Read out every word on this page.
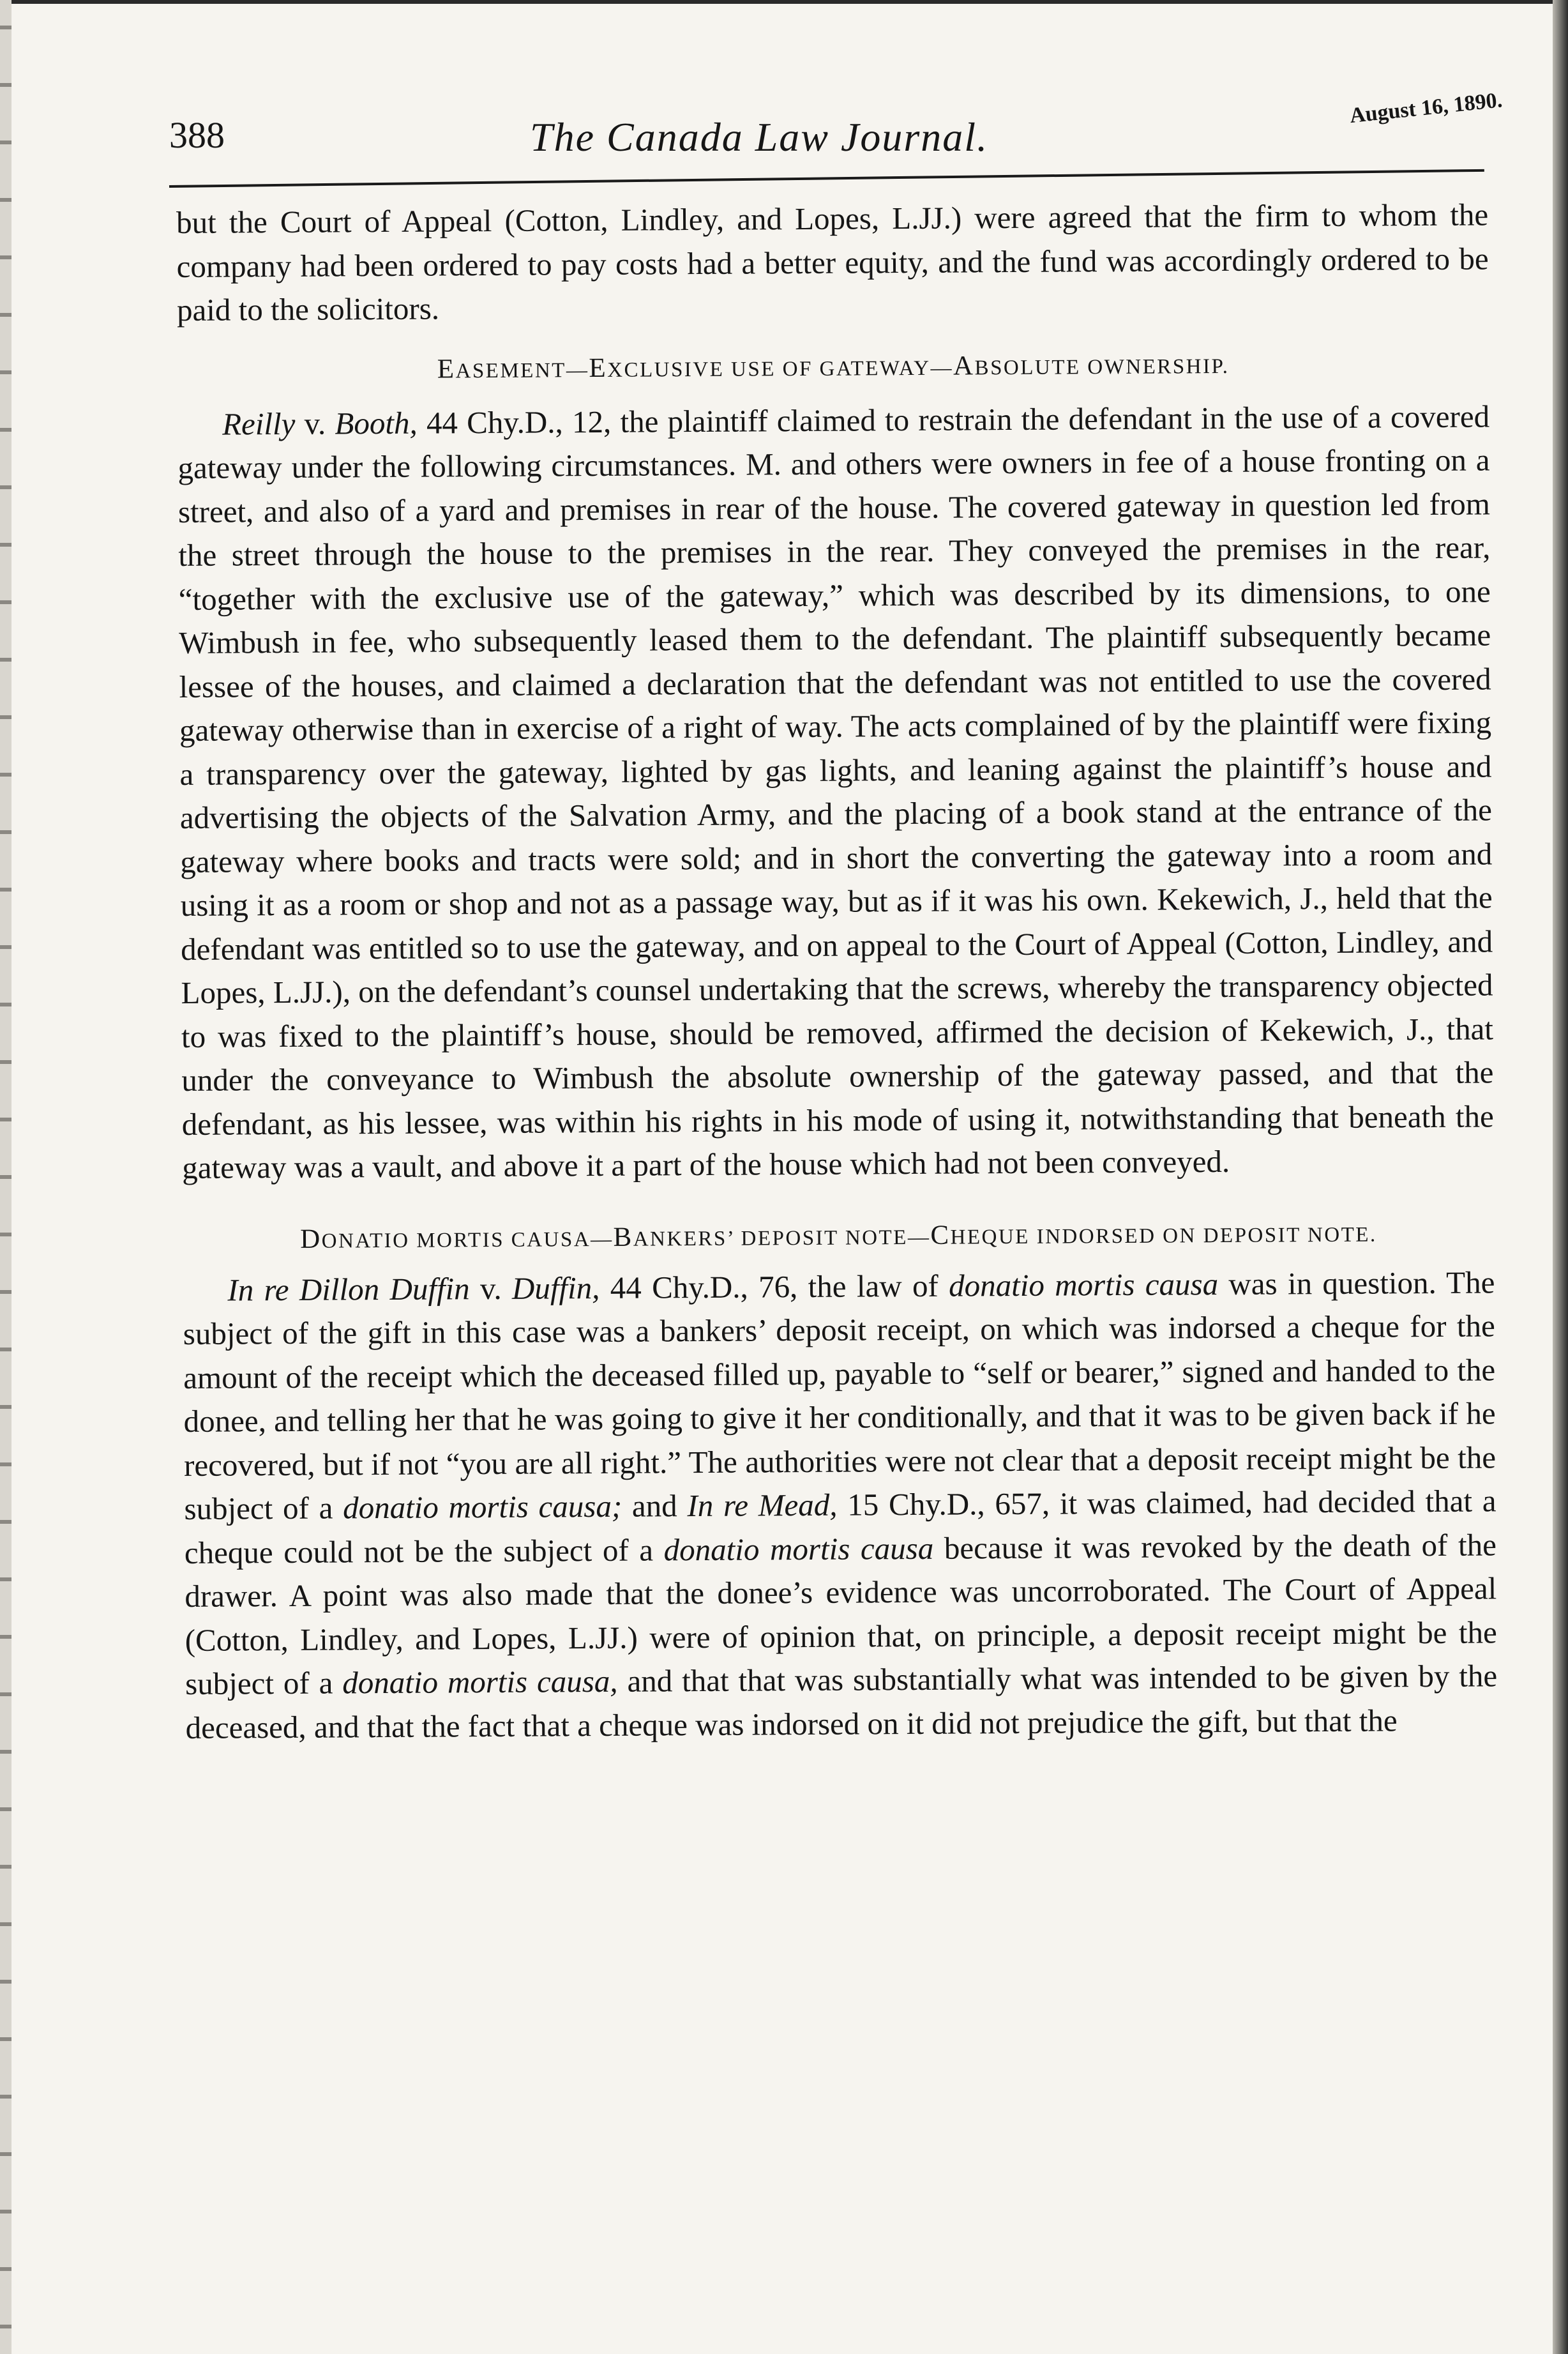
388	The Canada Law Journal.
August 16, 1890.

but the Court of Appeal (Cotton, Lindley, and Lopes, L.JJ.) were agreed that the firm to whom the company had been ordered to pay costs had a better equity, and the fund was accordingly ordered to be paid to the solicitors.

EASEMENT—EXCLUSIVE USE OF GATEWAY—ABSOLUTE OWNERSHIP.

Reilly v. Booth, 44 Chy.D., 12, the plaintiff claimed to restrain the defendant in the use of a covered gateway under the following circumstances. M. and others were owners in fee of a house fronting on a street, and also of a yard and premises in rear of the house. The covered gateway in question led from the street through the house to the premises in the rear. They conveyed the premises in the rear, “together with the exclusive use of the gateway,” which was described by its dimensions, to one Wimbush in fee, who subsequently leased them to the defendant. The plaintiff subsequently became lessee of the houses, and claimed a declaration that the defendant was not entitled to use the covered gateway otherwise than in exercise of a right of way. The acts complained of by the plaintiff were fixing a transparency over the gateway, lighted by gas lights, and leaning against the plaintiff’s house and advertising the objects of the Salvation Army, and the placing of a book stand at the entrance of the gateway where books and tracts were sold; and in short the converting the gateway into a room and using it as a room or shop and not as a passage way, but as if it was his own. Kekewich, J., held that the defendant was entitled so to use the gateway, and on appeal to the Court of Appeal (Cotton, Lindley, and Lopes, L.JJ.), on the defendant’s counsel undertaking that the screws, whereby the transparency objected to was fixed to the plaintiff’s house, should be removed, affirmed the decision of Kekewich, J., that under the conveyance to Wimbush the absolute ownership of the gateway passed, and that the defendant, as his lessee, was within his rights in his mode of using it, notwithstanding that beneath the gateway was a vault, and above it a part of the house which had not been conveyed.

DONATIO MORTIS CAUSA—BANKERS’ DEPOSIT NOTE—CHEQUE INDORSED ON DEPOSIT NOTE.

In re Dillon Duffin v. Duffin, 44 Chy.D., 76, the law of donatio mortis causa was in question. The subject of the gift in this case was a bankers’ deposit receipt, on which was indorsed a cheque for the amount of the receipt which the deceased filled up, payable to “self or bearer,” signed and handed to the donee, and telling her that he was going to give it her conditionally, and that it was to be given back if he recovered, but if not “you are all right.” The authorities were not clear that a deposit receipt might be the subject of a donatio mortis causa; and In re Mead, 15 Chy.D., 657, it was claimed, had decided that a cheque could not be the subject of a donatio mortis causa because it was revoked by the death of the drawer. A point was also made that the donee’s evidence was uncorroborated. The Court of Appeal (Cotton, Lindley, and Lopes, L.JJ.) were of opinion that, on principle, a deposit receipt might be the subject of a donatio mortis causa, and that that was substantially what was intended to be given by the deceased, and that the fact that a cheque was indorsed on it did not prejudice the gift, but that the
